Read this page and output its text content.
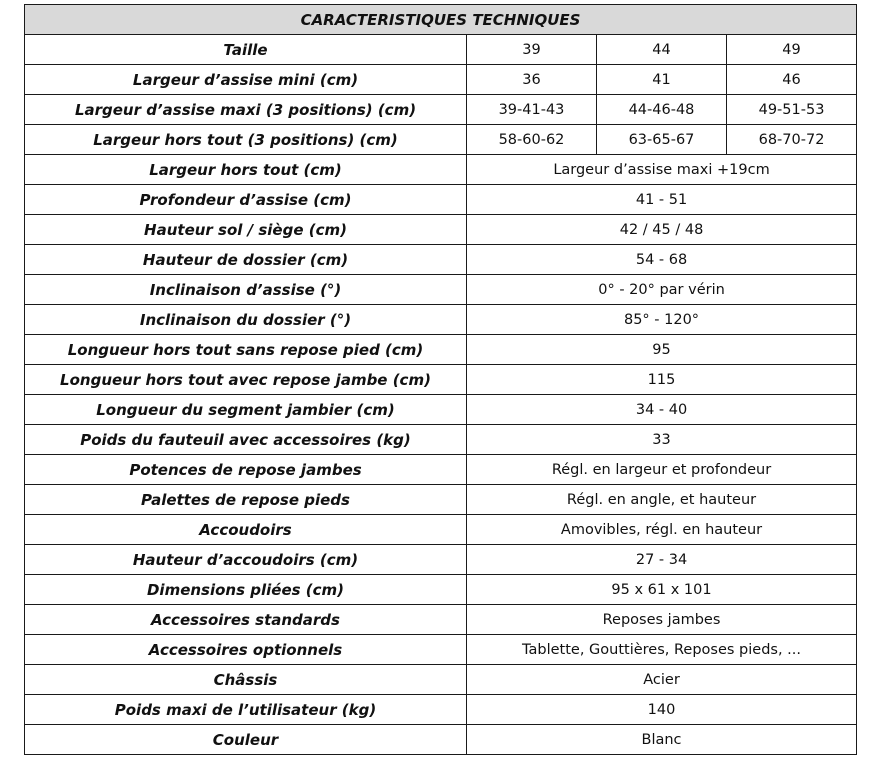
CARACTERISTIQUES TECHNIQUES			
Taille	39	44	49
Largeur d’assise mini (cm)	36	41	46
Largeur d’assise maxi (3 positions) (cm)	39-41-43	44-46-48	49-51-53
Largeur hors tout (3 positions) (cm)	58-60-62	63-65-67	68-70-72
Largeur hors tout (cm)	Largeur d’assise maxi +19cm		
Profondeur d’assise (cm)	41 - 51		
Hauteur sol / siège (cm)	42 / 45 / 48		
Hauteur de dossier (cm)	54 - 68		
Inclinaison d’assise (°)	0° - 20° par vérin		
Inclinaison du dossier (°)	85° - 120°		
Longueur hors tout sans repose pied (cm)	95		
Longueur hors tout avec repose jambe (cm)	115		
Longueur du segment jambier (cm)	34 - 40		
Poids du fauteuil avec accessoires (kg)	33		
Potences de repose jambes	Régl. en largeur et profondeur		
Palettes de repose pieds	Régl. en angle, et hauteur		
Accoudoirs	Amovibles, régl. en hauteur		
Hauteur d’accoudoirs (cm)	27 - 34		
Dimensions pliées (cm)	95 x 61 x 101		
Accessoires standards	Reposes jambes		
Accessoires optionnels	Tablette, Gouttières, Reposes pieds, ...		
Châssis	Acier		
Poids maxi de l’utilisateur (kg)	140		
Couleur	Blanc		
